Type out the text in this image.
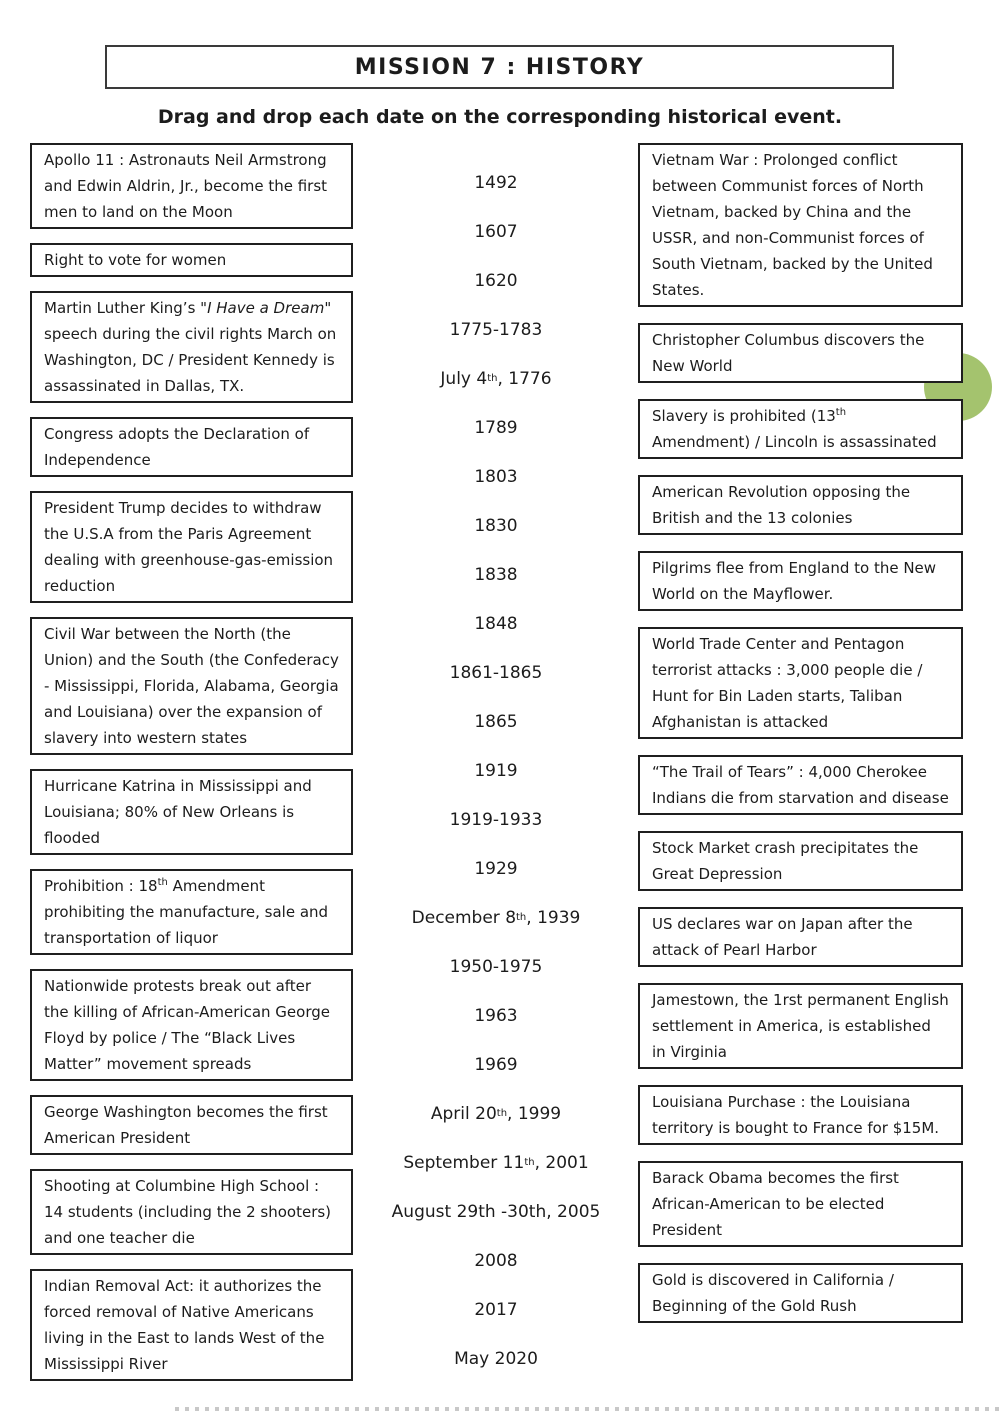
MISSION 7 : HISTORY
Drag and drop each date on the corresponding historical event.
Apollo 11 : Astronauts Neil Armstrong and Edwin Aldrin, Jr., become the first men to land on the Moon
Right to vote for women
Martin Luther King’s "I Have a Dream" speech during the civil rights March on Washington, DC / President Kennedy is assassinated in Dallas, TX.
Congress adopts the Declaration of Independence
President Trump decides to withdraw the U.S.A from the Paris Agreement dealing with greenhouse-gas-emission reduction
Civil War between the North (the Union) and the South (the Confederacy - Mississippi, Florida, Alabama, Georgia and Louisiana) over the expansion of slavery into western states
Hurricane Katrina in Mississippi and Louisiana; 80% of New Orleans is flooded
Prohibition : 18th Amendment prohibiting the manufacture, sale and transportation of liquor
Nationwide protests break out after the killing of African-American George Floyd by police / The “Black Lives Matter” movement spreads
George Washington becomes the first American President
Shooting at Columbine High School : 14 students (including the 2 shooters) and one teacher die
Indian Removal Act: it authorizes the forced removal of Native Americans living in the East to lands West of the Mississippi River
1492
1607
1620
1775-1783
July 4 th , 1776
1789
1803
1830
1838
1848
1861-1865
1865
1919
1919-1933
1929
December 8 th , 1939
1950-1975
1963
1969
April 20 th , 1999
September 11 th , 2001
August 29th -30th, 2005
2008
2017
May 2020
Vietnam War : Prolonged conflict between Communist forces of North Vietnam, backed by China and the USSR, and non-Communist forces of South Vietnam, backed by the United States.
Christopher Columbus discovers the New World
Slavery is prohibited (13th Amendment) / Lincoln is assassinated
American Revolution opposing the British and the 13 colonies
Pilgrims flee from England to the New World on the Mayflower.
World Trade Center and Pentagon terrorist attacks : 3,000 people die / Hunt for Bin Laden starts, Taliban Afghanistan is attacked
“The Trail of Tears” : 4,000 Cherokee Indians die from starvation and disease
Stock Market crash precipitates the Great Depression
US declares war on Japan after the attack of Pearl Harbor
Jamestown, the 1rst permanent English settlement in America, is established in Virginia
Louisiana Purchase : the Louisiana territory is bought to France for $15M.
Barack Obama becomes the first African-American to be elected President
Gold is discovered in California / Beginning of the Gold Rush
